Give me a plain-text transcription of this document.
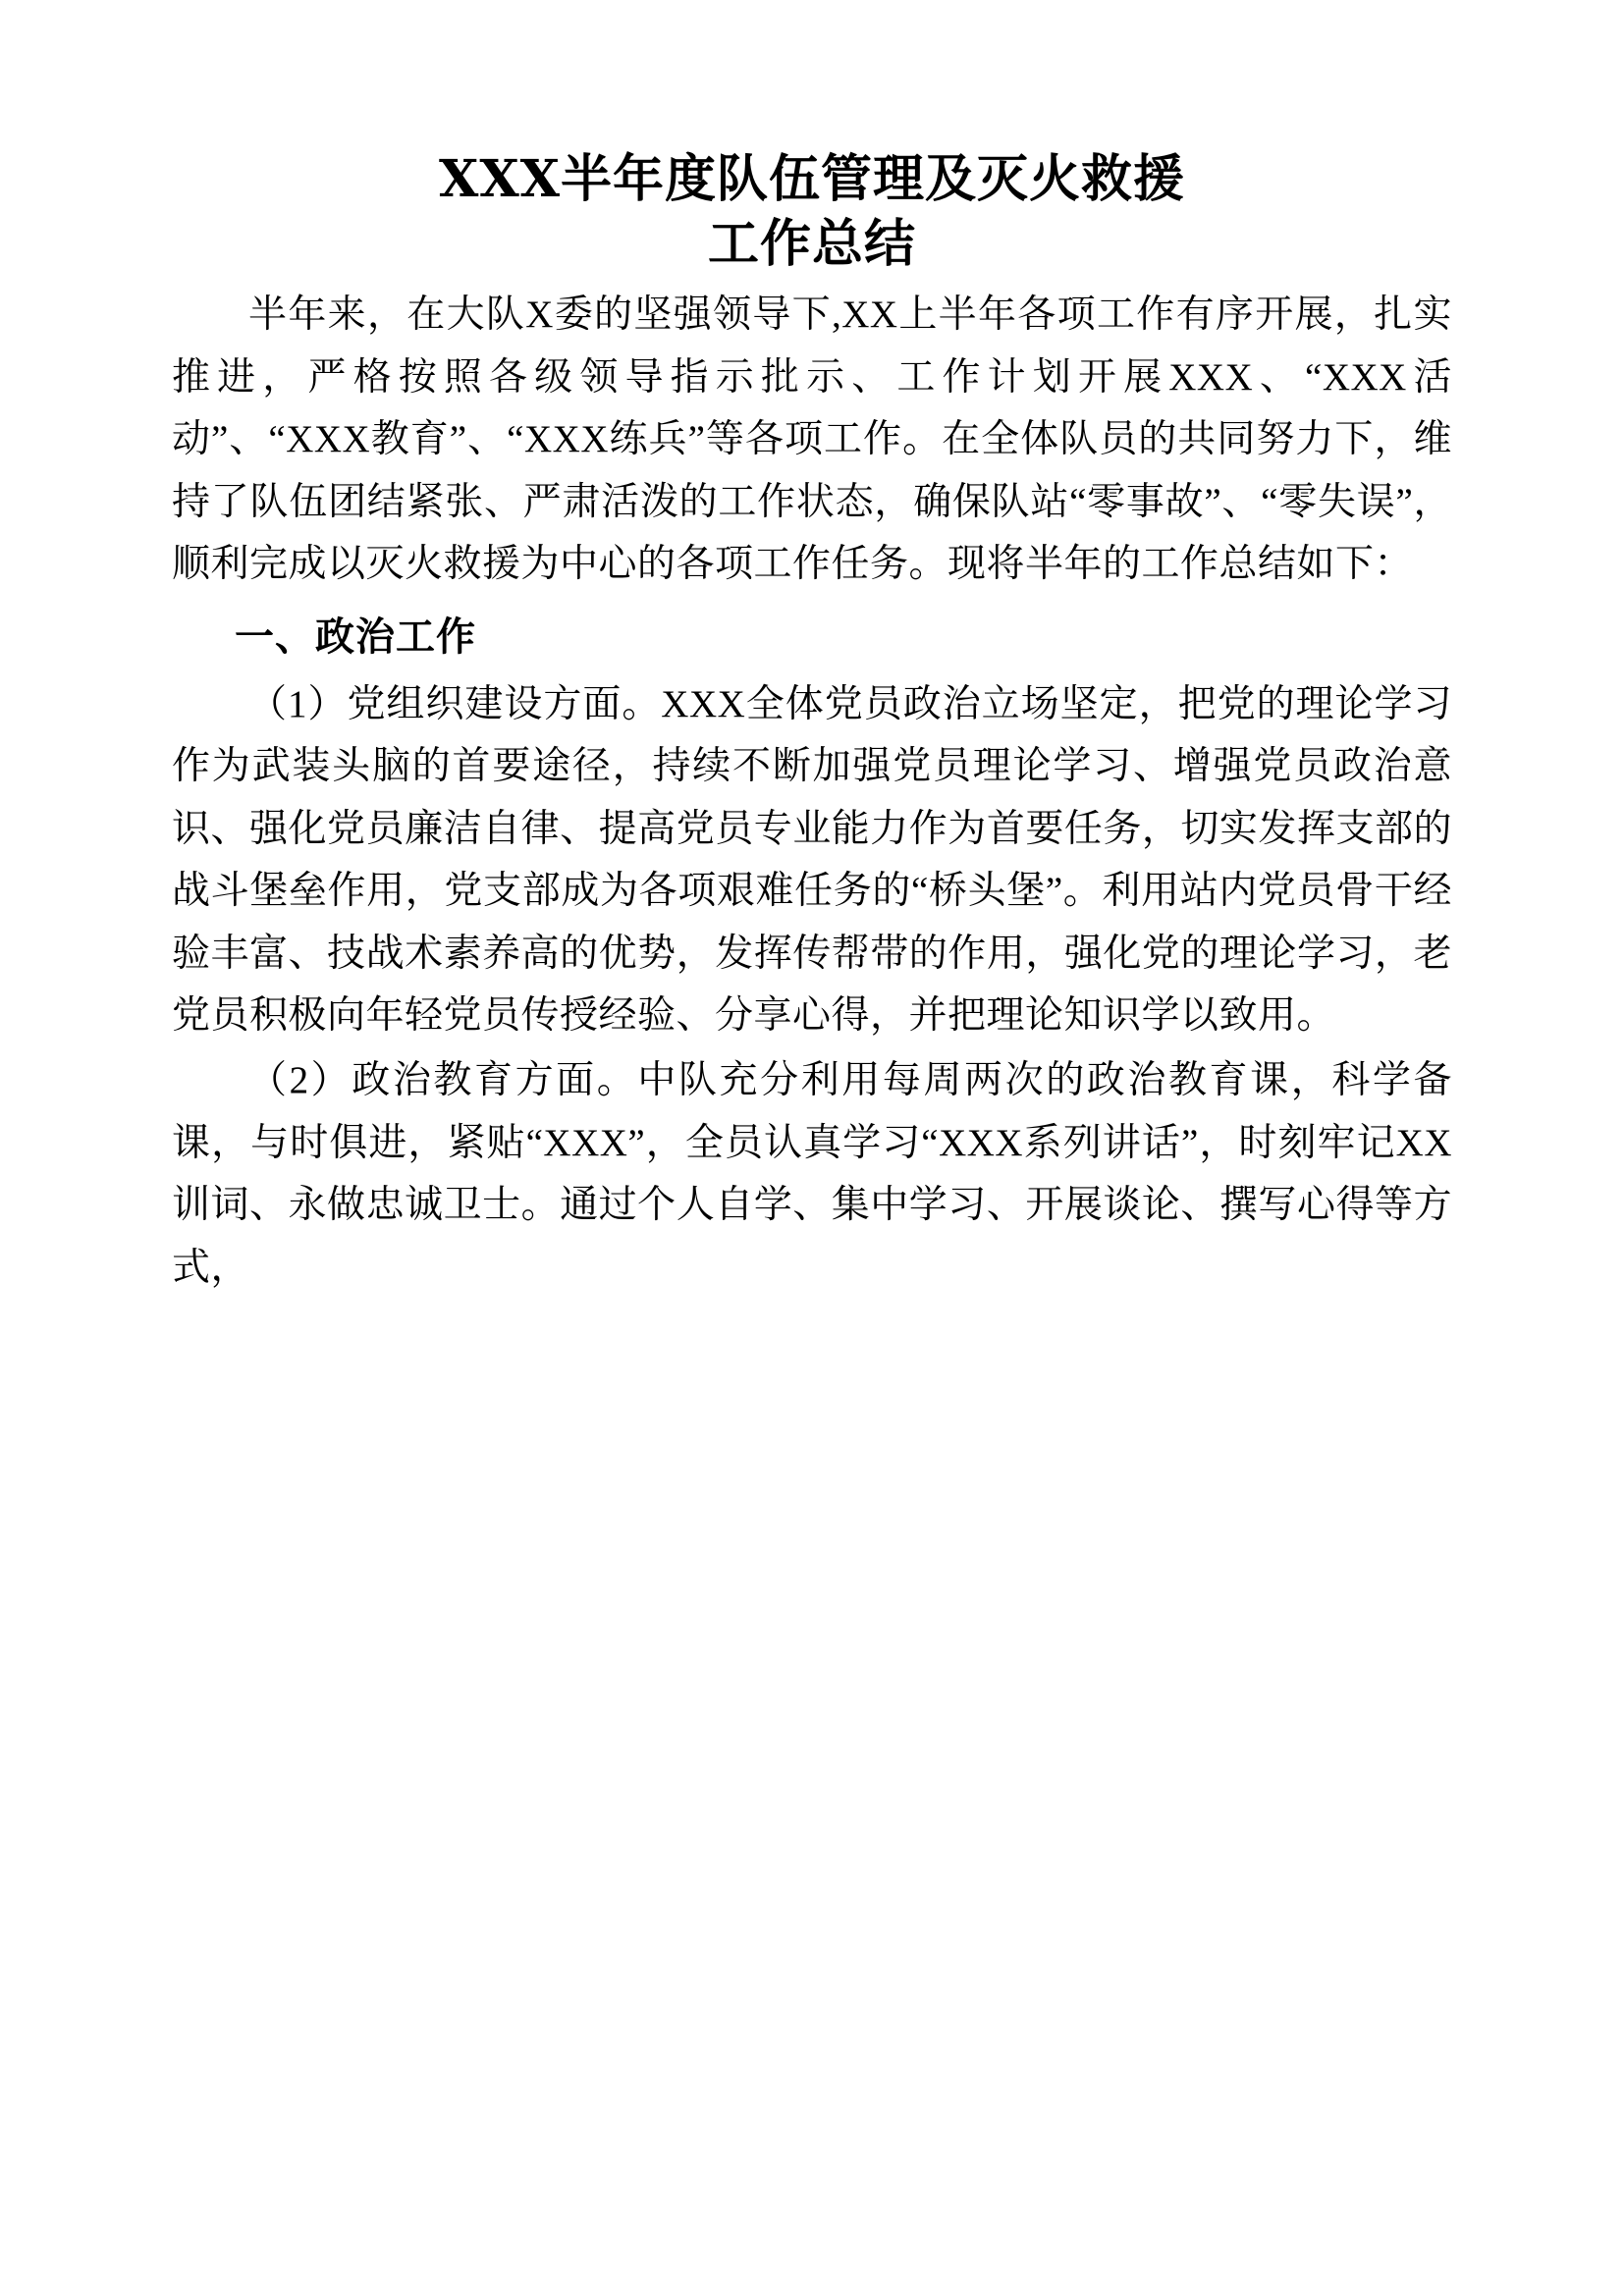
XXX半年度队伍管理及灭火救援
工作总结

半年来，在大队X委的坚强领导下,XX上半年各项工作有序开展，扎实推进，严格按照各级领导指示批示、工作计划开展XXX、“XXX活动”、“XXX教育”、“XXX练兵”等各项工作。在全体队员的共同努力下，维持了队伍团结紧张、严肃活泼的工作状态，确保队站“零事故”、“零失误”，顺利完成以灭火救援为中心的各项工作任务。现将半年的工作总结如下：

一、政治工作

（1）党组织建设方面。XXX全体党员政治立场坚定，把党的理论学习作为武装头脑的首要途径，持续不断加强党员理论学习、增强党员政治意识、强化党员廉洁自律、提高党员专业能力作为首要任务，切实发挥支部的战斗堡垒作用，党支部成为各项艰难任务的“桥头堡”。利用站内党员骨干经验丰富、技战术素养高的优势，发挥传帮带的作用，强化党的理论学习，老党员积极向年轻党员传授经验、分享心得，并把理论知识学以致用。

（2）政治教育方面。中队充分利用每周两次的政治教育课，科学备课，与时俱进，紧贴“XXX”，全员认真学习“XXX系列讲话”，时刻牢记XX训词、永做忠诚卫士。通过个人自学、集中学习、开展谈论、撰写心得等方式，
